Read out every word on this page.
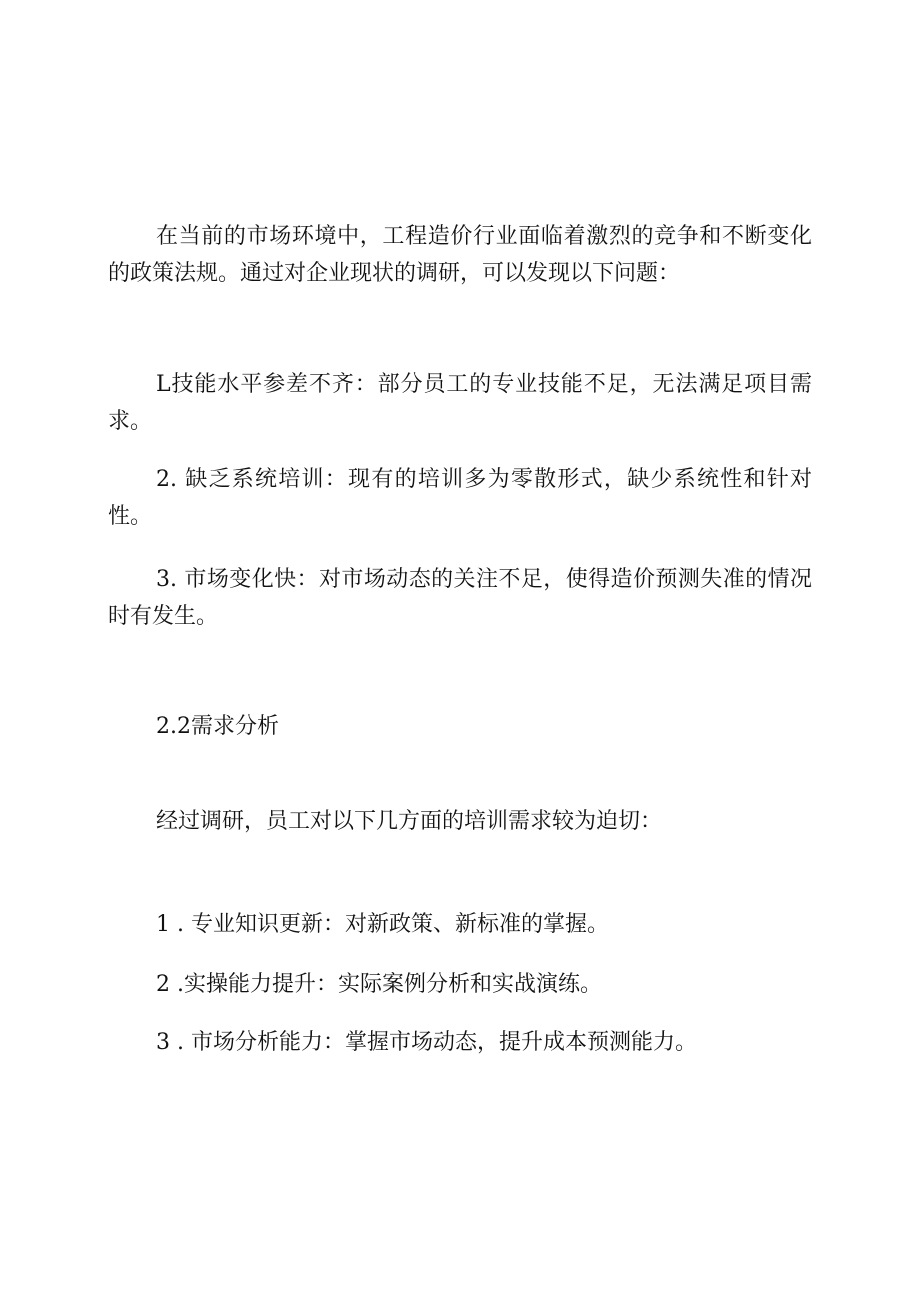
在当前的市场环境中，工程造价行业面临着激烈的竞争和不断变化的政策法规。通过对企业现状的调研，可以发现以下问题：

L技能水平参差不齐：部分员工的专业技能不足，无法满足项目需求。

2. 缺乏系统培训：现有的培训多为零散形式，缺少系统性和针对性。

3. 市场变化快：对市场动态的关注不足，使得造价预测失准的情况时有发生。

2.2需求分析

经过调研，员工对以下几方面的培训需求较为迫切：

1 . 专业知识更新：对新政策、新标准的掌握。

2 .实操能力提升：实际案例分析和实战演练。

3 . 市场分析能力：掌握市场动态，提升成本预测能力。
